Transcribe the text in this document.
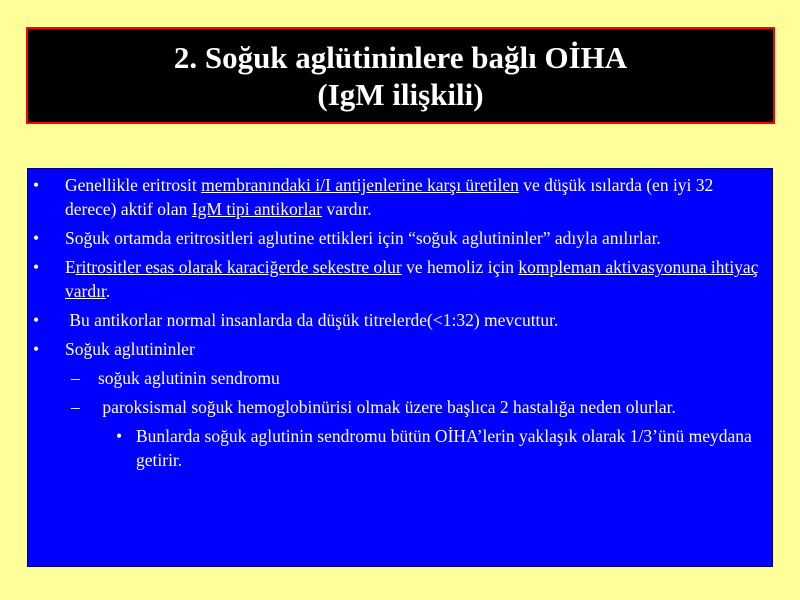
2. Soğuk aglütininlere bağlı OİHA
(IgM ilişkili)
• Genellikle eritrosit membranındaki i/I antijenlerine karşı üretilen ve düşük ısılarda (en iyi 32 derece) aktif olan IgM tipi antikorlar vardır.
• Soğuk ortamda eritrositleri aglutine ettikleri için “soğuk aglutininler” adıyla anılırlar.
• Eritrositler esas olarak karaciğerde sekestre olur ve hemoliz için kompleman aktivasyonuna ihtiyaç vardır.
• Bu antikorlar normal insanlarda da düşük titrelerde(<1:32) mevcuttur.
• Soğuk aglutininler
– soğuk aglutinin sendromu
– paroksismal soğuk hemoglobinürisi olmak üzere başlıca 2 hastalığa neden olurlar.
• Bunlarda soğuk aglutinin sendromu bütün OİHA’lerin yaklaşık olarak 1/3’ünü meydana getirir.
